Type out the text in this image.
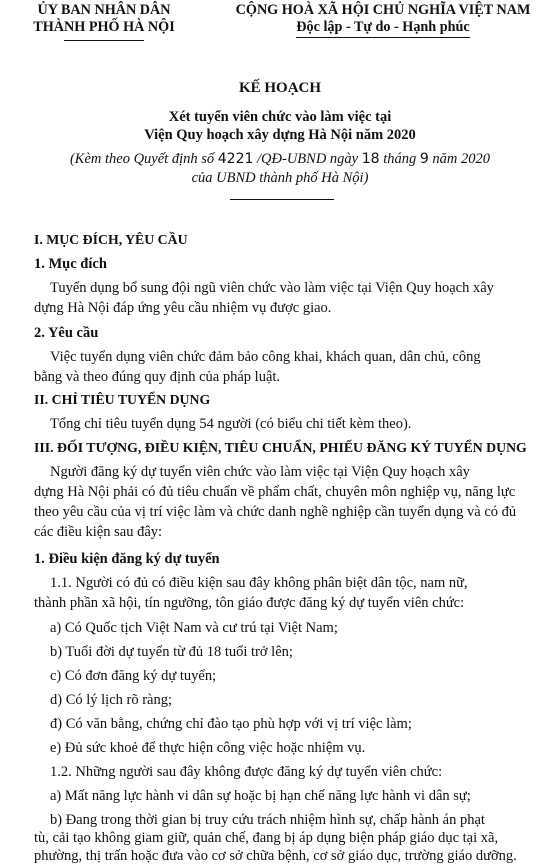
ỦY BAN NHÂN DÂN
THÀNH PHỐ HÀ NỘI
CỘNG HOÀ XÃ HỘI CHỦ NGHĨA VIỆT NAM
Độc lập - Tự do - Hạnh phúc
KẾ HOẠCH
Xét tuyển viên chức vào làm việc tại
Viện Quy hoạch xây dựng Hà Nội năm 2020
(Kèm theo Quyết định số 4221 /QĐ-UBND ngày 18 tháng 9 năm 2020
của UBND thành phố Hà Nội)
I. MỤC ĐÍCH, YÊU CẦU
1. Mục đích
Tuyển dụng bổ sung đội ngũ viên chức vào làm việc tại Viện Quy hoạch xây
dựng Hà Nội đáp ứng yêu cầu nhiệm vụ được giao.
2. Yêu cầu
Việc tuyển dụng viên chức đảm bảo công khai, khách quan, dân chủ, công
bằng và theo đúng quy định của pháp luật.
II. CHỈ TIÊU TUYỂN DỤNG
Tổng chỉ tiêu tuyển dụng 54 người (có biểu chi tiết kèm theo).
III. ĐỐI TƯỢNG, ĐIỀU KIỆN, TIÊU CHUẨN, PHIẾU ĐĂNG KÝ TUYỂN DỤNG
Người đăng ký dự tuyển viên chức vào làm việc tại Viện Quy hoạch xây
dựng Hà Nội phải có đủ tiêu chuẩn về phẩm chất, chuyên môn nghiệp vụ, năng lực
theo yêu cầu của vị trí việc làm và chức danh nghề nghiệp cần tuyển dụng và có đủ
các điều kiện sau đây:
1. Điều kiện đăng ký dự tuyển
1.1. Người có đủ có điều kiện sau đây không phân biệt dân tộc, nam nữ,
thành phần xã hội, tín ngưỡng, tôn giáo được đăng ký dự tuyển viên chức:
a) Có Quốc tịch Việt Nam và cư trú tại Việt Nam;
b) Tuổi đời dự tuyển từ đủ 18 tuổi trở lên;
c) Có đơn đăng ký dự tuyển;
d) Có lý lịch rõ ràng;
đ) Có văn bằng, chứng chỉ đào tạo phù hợp với vị trí việc làm;
e) Đủ sức khoẻ để thực hiện công việc hoặc nhiệm vụ.
1.2. Những người sau đây không được đăng ký dự tuyển viên chức:
a) Mất năng lực hành vi dân sự hoặc bị hạn chế năng lực hành vi dân sự;
b) Đang trong thời gian bị truy cứu trách nhiệm hình sự, chấp hành án phạt
tù, cải tạo không giam giữ, quản chế, đang bị áp dụng biện pháp giáo dục tại xã,
phường, thị trấn hoặc đưa vào cơ sở chữa bệnh, cơ sở giáo dục, trường giáo dưỡng.
